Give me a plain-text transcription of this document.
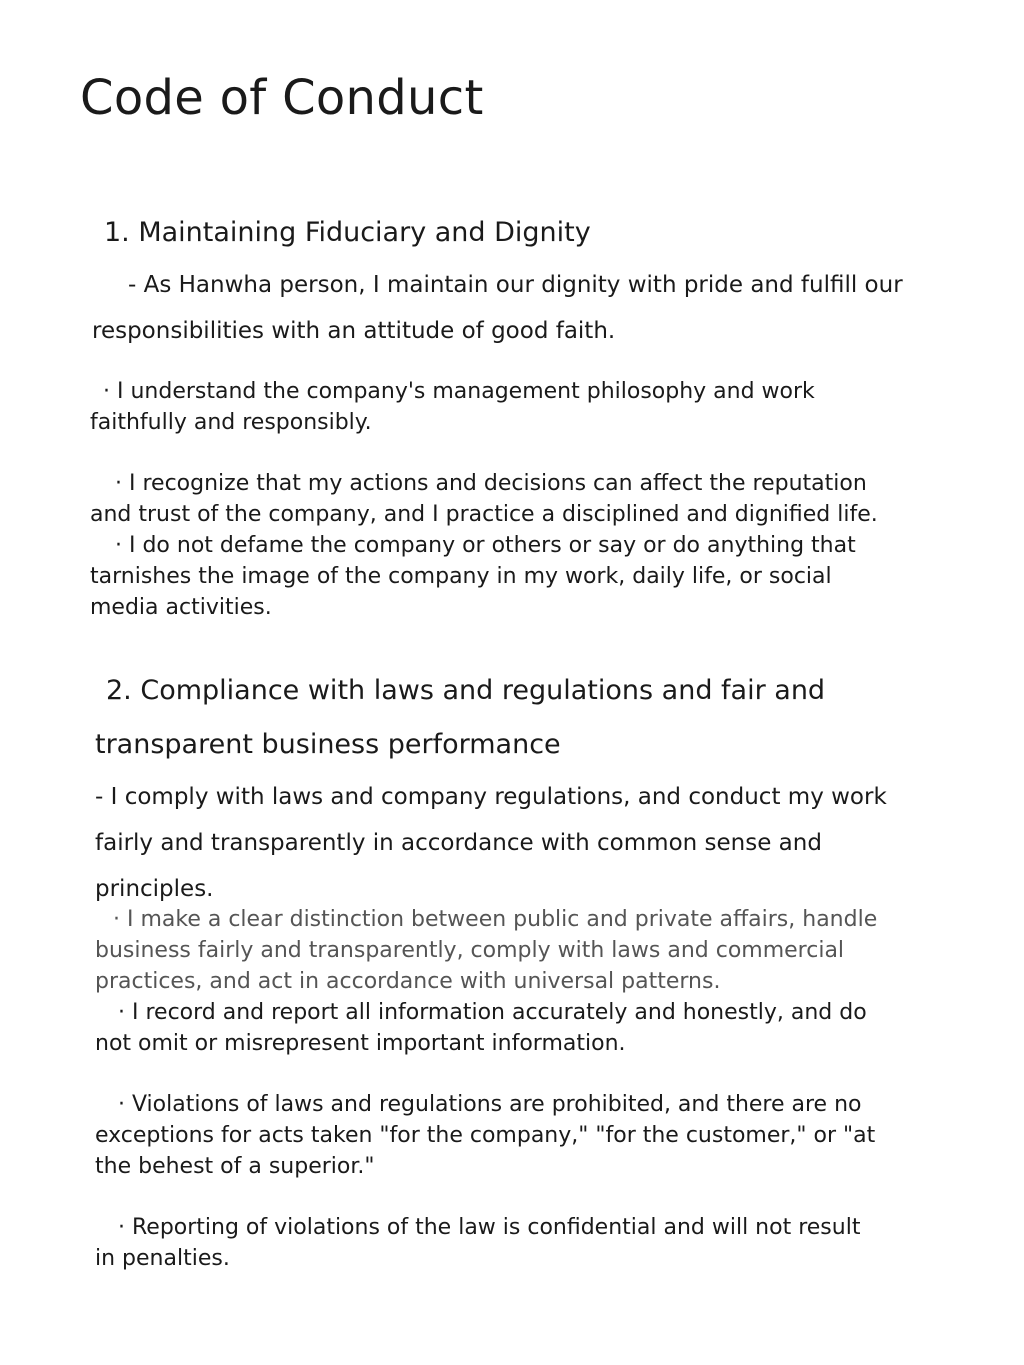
Code of Conduct
1. Maintaining Fiduciary and Dignity

- As Hanwha person, I maintain our dignity with pride and fulfill our

responsibilities with an attitude of good faith.

· I understand the company's management philosophy and work

faithfully and responsibly.

· I recognize that my actions and decisions can affect the reputation

and trust of the company, and I practice a disciplined and dignified life.

· I do not defame the company or others or say or do anything that

tarnishes the image of the company in my work, daily life, or social

media activities.

2. Compliance with laws and regulations and fair and
transparent business performance

- I comply with laws and company regulations, and conduct my work

fairly and transparently in accordance with common sense and

principles.

· I make a clear distinction between public and private affairs, handle

business fairly and transparently, comply with laws and commercial

practices, and act in accordance with universal patterns.

· I record and report all information accurately and honestly, and do

not omit or misrepresent important information.

· Violations of laws and regulations are prohibited, and there are no

exceptions for acts taken "for the company," "for the customer," or "at

the behest of a superior."

· Reporting of violations of the law is confidential and will not result

in penalties.
